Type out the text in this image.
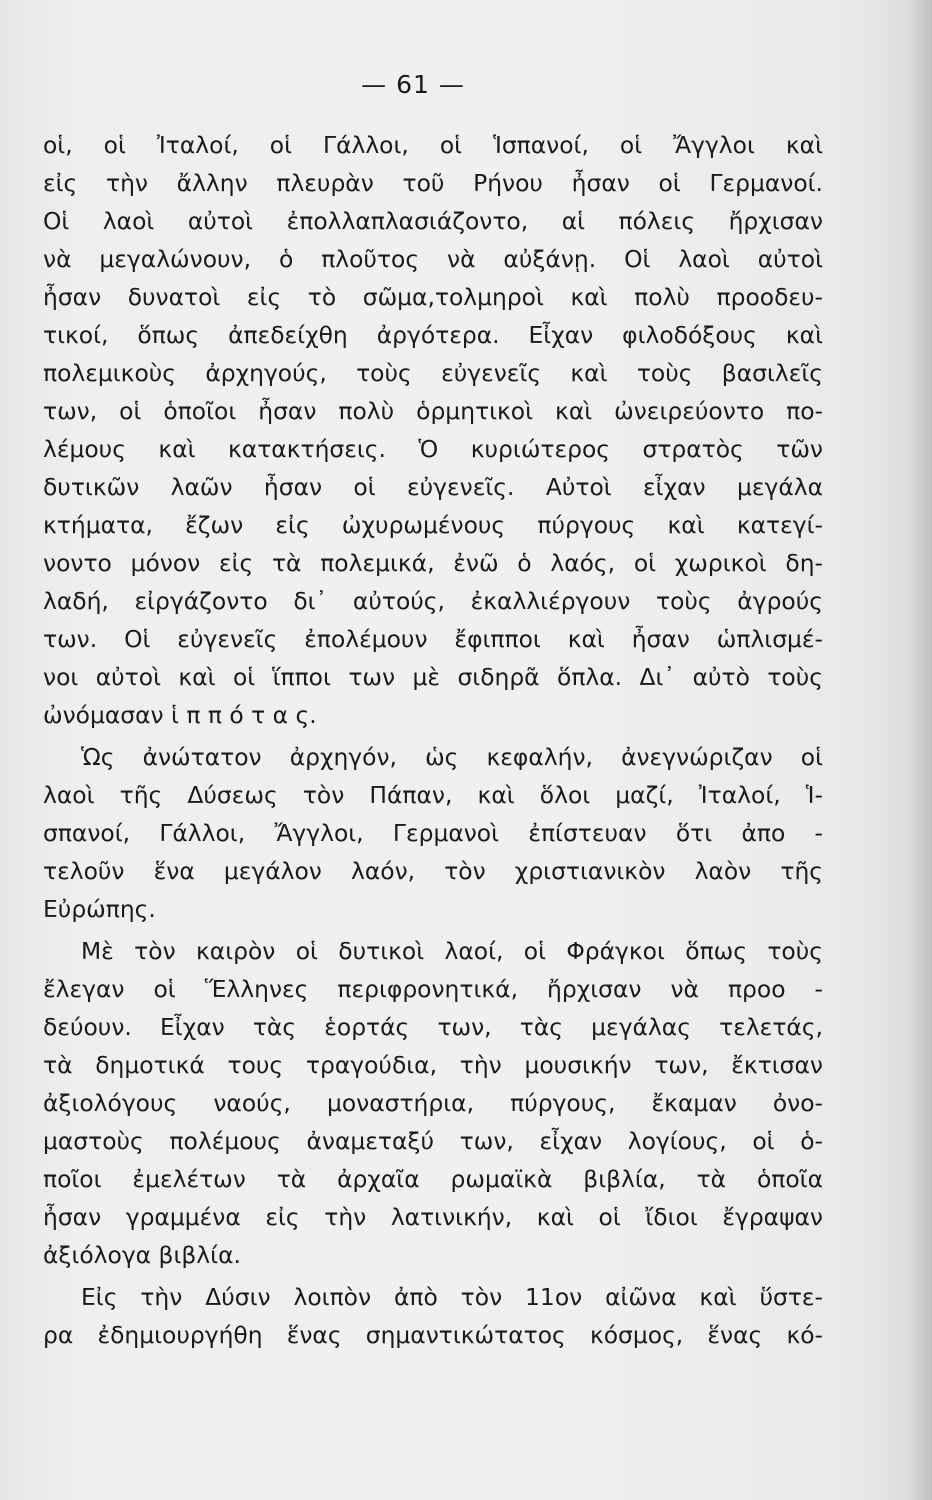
— 61 —
οἱ, οἱ Ἰταλοί, οἱ Γάλλοι, οἱ Ἱσπανοί, οἱ Ἄγγλοι καὶ
εἰς τὴν ἄλλην πλευρὰν τοῦ Ρήνου ἦσαν οἱ Γερμανοί.
Οἱ λαοὶ αὐτοὶ ἐπολλαπλασιάζοντο, αἱ πόλεις ἤρχισαν
νὰ μεγαλώνουν, ὁ πλοῦτος νὰ αὐξάνῃ. Οἱ λαοὶ αὐτοὶ
ἦσαν δυνατοὶ εἰς τὸ σῶμα,τολμηροὶ καὶ πολὺ προοδευ-
τικοί, ὅπως ἀπεδείχθη ἀργότερα. Εἶχαν φιλοδόξους καὶ
πολεμικοὺς ἀρχηγούς, τοὺς εὐγενεῖς καὶ τοὺς βασιλεῖς
των, οἱ ὁποῖοι ἦσαν πολὺ ὁρμητικοὶ καὶ ὠνειρεύοντο πο-
λέμους καὶ κατακτήσεις. Ὁ κυριώτερος στρατὸς τῶν
δυτικῶν λαῶν ἦσαν οἱ εὐγενεῖς. Αὐτοὶ εἶχαν μεγάλα
κτήματα, ἔζων εἰς ὠχυρωμένους πύργους καὶ κατεγί-
νοντο μόνον εἰς τὰ πολεμικά, ἐνῶ ὁ λαός, οἱ χωρικοὶ δη-
λαδή, εἰργάζοντο δι᾽ αὐτούς, ἐκαλλιέργουν τοὺς ἀγρούς
των. Οἱ εὐγενεῖς ἐπολέμουν ἔφιπποι καὶ ἦσαν ὡπλισμέ-
νοι αὐτοὶ καὶ οἱ ἵπποι των μὲ σιδηρᾶ ὅπλα. Δι᾽ αὐτὸ τοὺς
ὠνόμασαν ἱ π π ό τ α ς.
Ὡς ἀνώτατον ἀρχηγόν, ὡς κεφαλήν, ἀνεγνώριζαν οἱ
λαοὶ τῆς Δύσεως τὸν Πάπαν, καὶ ὅλοι μαζί, Ἰταλοί, Ἱ-
σπανοί, Γάλλοι, Ἄγγλοι, Γερμανοὶ ἐπίστευαν ὅτι ἀπο -
τελοῦν ἕνα μεγάλον λαόν, τὸν χριστιανικὸν λαὸν τῆς
Εὐρώπης.
Μὲ τὸν καιρὸν οἱ δυτικοὶ λαοί, οἱ Φράγκοι ὅπως τοὺς
ἔλεγαν οἱ Ἕλληνες περιφρονητικά, ἤρχισαν νὰ προο -
δεύουν. Εἶχαν τὰς ἑορτάς των, τὰς μεγάλας τελετάς,
τὰ δημοτικά τους τραγούδια, τὴν μουσικήν των, ἔκτισαν
ἀξιολόγους ναούς, μοναστήρια, πύργους, ἔκαμαν ὀνο-
μαστοὺς πολέμους ἀναμεταξύ των, εἶχαν λογίους, οἱ ὁ-
ποῖοι ἐμελέτων τὰ ἀρχαῖα ρωμαϊκὰ βιβλία, τὰ ὁποῖα
ἦσαν γραμμένα εἰς τὴν λατινικήν, καὶ οἱ ἴδιοι ἔγραψαν
ἀξιόλογα βιβλία.
Εἰς τὴν Δύσιν λοιπὸν ἀπὸ τὸν 11ον αἰῶνα καὶ ὕστε-
ρα ἐδημιουργήθη ἕνας σημαντικώτατος κόσμος, ἕνας κό-
